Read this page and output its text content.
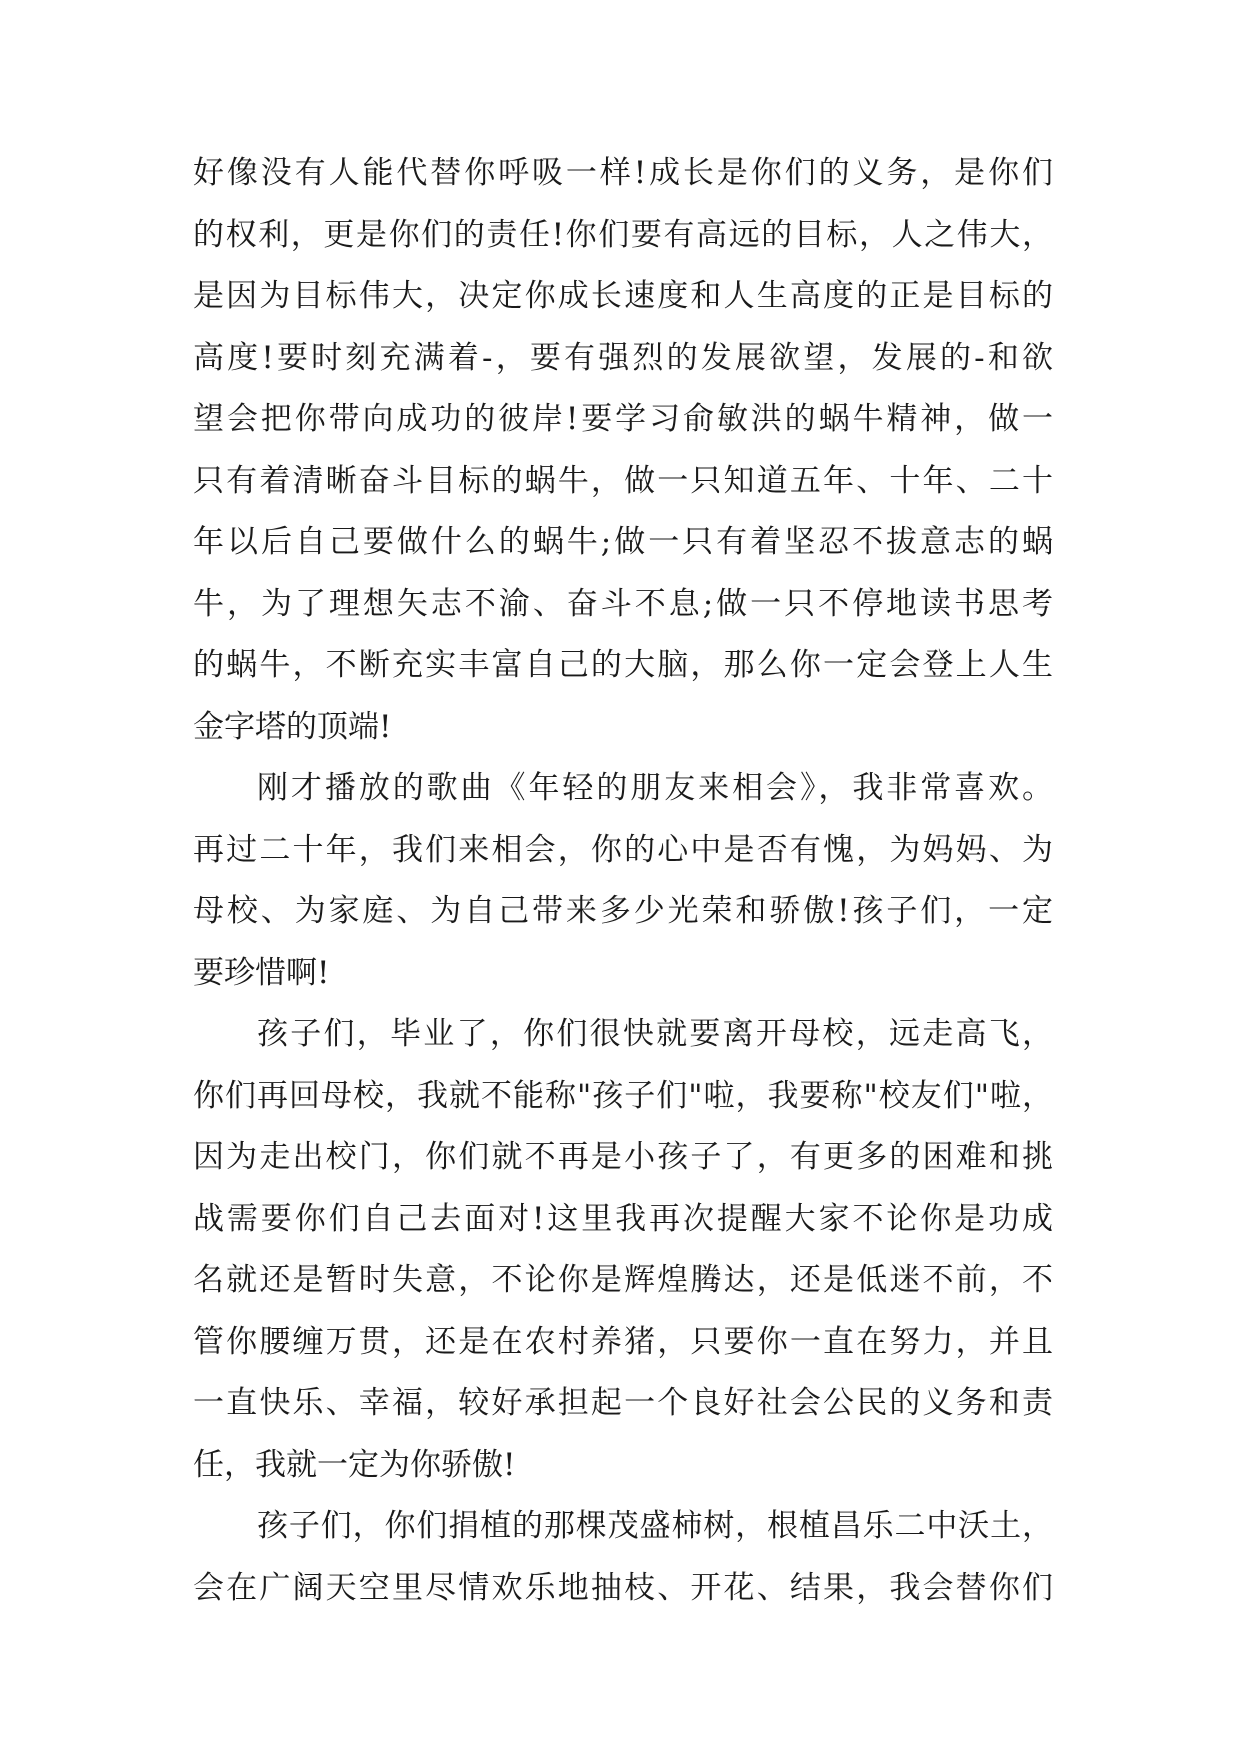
好像没有人能代替你呼吸一样!成长是你们的义务，是你们
的权利，更是你们的责任!你们要有高远的目标，人之伟大，
是因为目标伟大，决定你成长速度和人生高度的正是目标的
高度!要时刻充满着-，要有强烈的发展欲望，发展的-和欲
望会把你带向成功的彼岸!要学习俞敏洪的蜗牛精神，做一
只有着清晰奋斗目标的蜗牛，做一只知道五年、十年、二十
年以后自己要做什么的蜗牛;做一只有着坚忍不拔意志的蜗
牛，为了理想矢志不渝、奋斗不息;做一只不停地读书思考
的蜗牛，不断充实丰富自己的大脑，那么你一定会登上人生
金字塔的顶端!

刚才播放的歌曲《年轻的朋友来相会》，我非常喜欢。
再过二十年，我们来相会，你的心中是否有愧，为妈妈、为
母校、为家庭、为自己带来多少光荣和骄傲!孩子们，一定
要珍惜啊!

孩子们，毕业了，你们很快就要离开母校，远走高飞，
你们再回母校，我就不能称"孩子们"啦，我要称"校友们"啦，
因为走出校门，你们就不再是小孩子了，有更多的困难和挑
战需要你们自己去面对!这里我再次提醒大家不论你是功成
名就还是暂时失意，不论你是辉煌腾达，还是低迷不前，不
管你腰缠万贯，还是在农村养猪，只要你一直在努力，并且
一直快乐、幸福，较好承担起一个良好社会公民的义务和责
任，我就一定为你骄傲!

孩子们，你们捐植的那棵茂盛柿树，根植昌乐二中沃土，
会在广阔天空里尽情欢乐地抽枝、开花、结果，我会替你们
